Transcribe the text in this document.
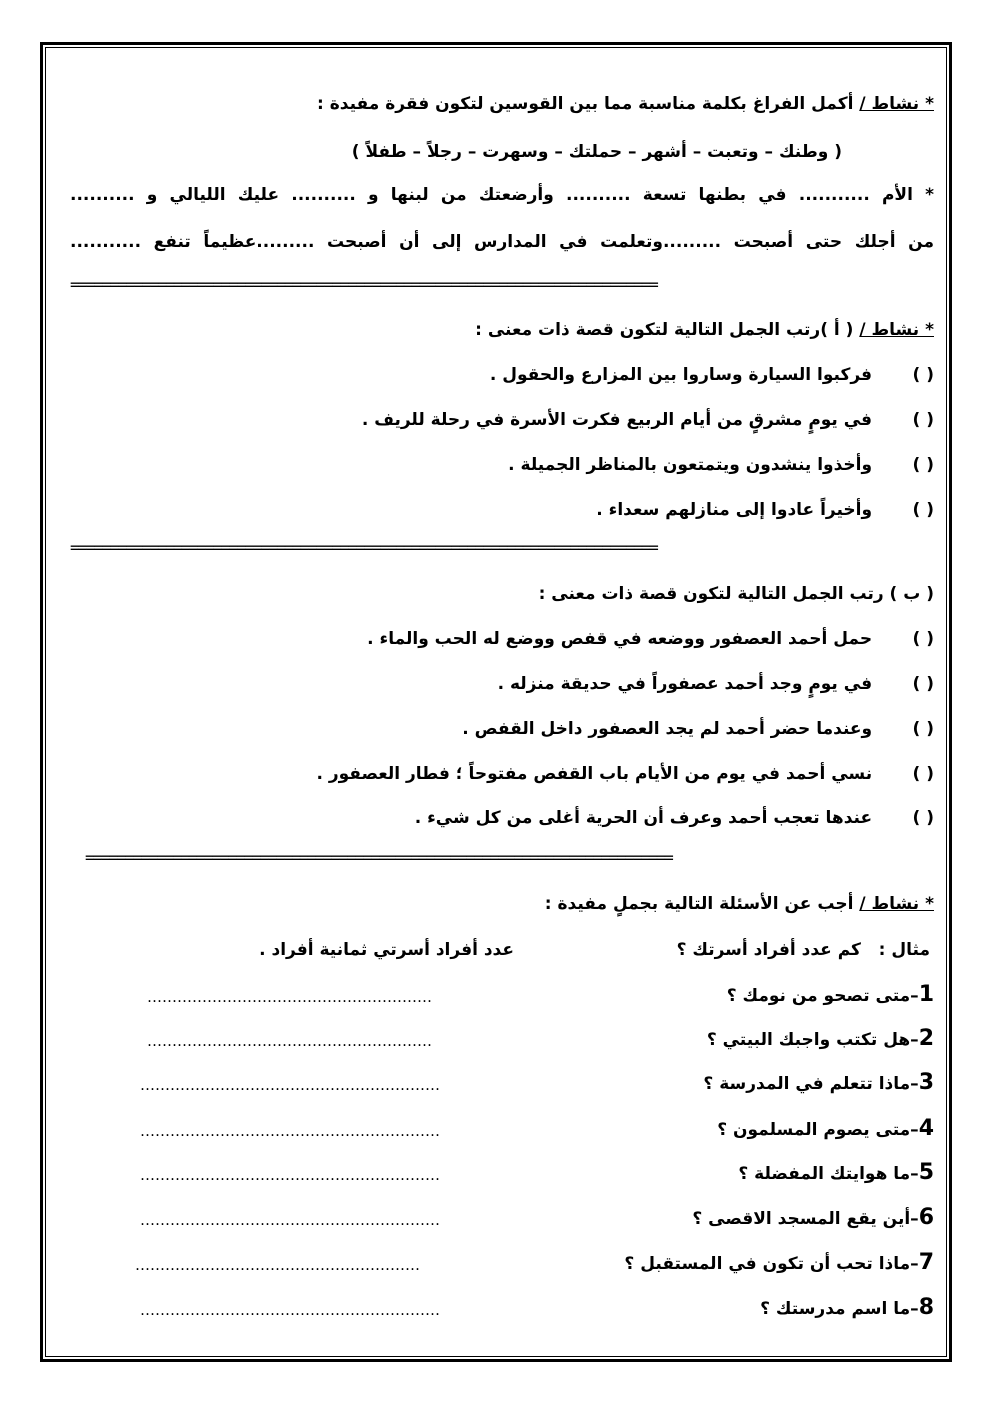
* نشاط / أكمل الفراغ بكلمة مناسبة مما بين القوسين لتكون فقرة مفيدة :
( وطنك – وتعبت – أشهر – حملتك – وسهرت – رجلاً – طفلاً )
* الأم ........... في بطنها تسعة .......... وأرضعتك من لبنها و .......... عليك الليالي و ..........
من أجلك حتى أصبحت .........وتعلمت في المدارس إلى أن أصبحت .........عظيماً تنفع ...........
==========================================================================
* نشاط / ( أ )رتب الجمل التالية لتكون قصة ذات معنى :
( ) فركبوا السيارة وساروا بين المزارع والحقول .
( ) في يومٍ مشرقٍ من أيام الربيع فكرت الأسرة في رحلة للريف .
( ) وأخذوا ينشدون ويتمتعون بالمناظر الجميلة .
( ) وأخيراً عادوا إلى منازلهم سعداء .
==========================================================================
( ب ) رتب الجمل التالية لتكون قصة ذات معنى :
( ) حمل أحمد العصفور ووضعه في قفص ووضع له الحب والماء .
( ) في يومٍ وجد أحمد عصفوراً في حديقة منزله .
( ) وعندما حضر أحمد لم يجد العصفور داخل القفص .
( ) نسي أحمد في يوم من الأيام باب القفص مفتوحاً ؛ فطار العصفور .
( ) عندها تعجب أحمد وعرف أن الحرية أغلى من كل شيء .
==========================================================================
* نشاط / أجب عن الأسئلة التالية بجملٍ مفيدة :
مثال :   كم عدد أفراد أسرتك ؟
عدد أفراد أسرتي ثمانية أفراد .
1–متى تصحو من نومك ؟
…………………………………………………
2–هل تكتب واجبك البيتي ؟
…………………………………………………
3–ماذا تتعلم في المدرسة ؟
……………………………………………………
4–متى يصوم المسلمون ؟
……………………………………………………
5–ما هوايتك المفضلة ؟
……………………………………………………
6–أين يقع المسجد الاقصى ؟
……………………………………………………
7–ماذا تحب أن تكون في المستقبل ؟
…………………………………………………
8–ما اسم مدرستك ؟
……………………………………………………
